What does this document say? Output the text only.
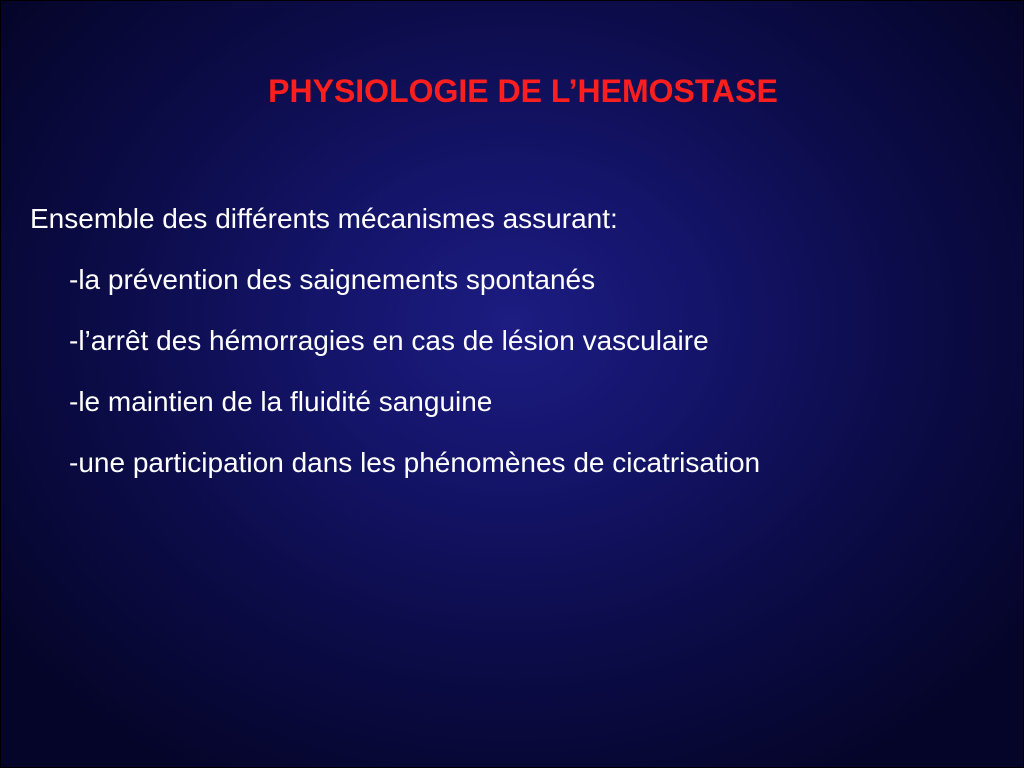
PHYSIOLOGIE DE L’HEMOSTASE

Ensemble des différents mécanismes assurant:

-la prévention des saignements spontanés
-l’arrêt des hémorragies en cas de lésion vasculaire
-le maintien de la fluidité sanguine
-une participation dans les phénomènes de cicatrisation
